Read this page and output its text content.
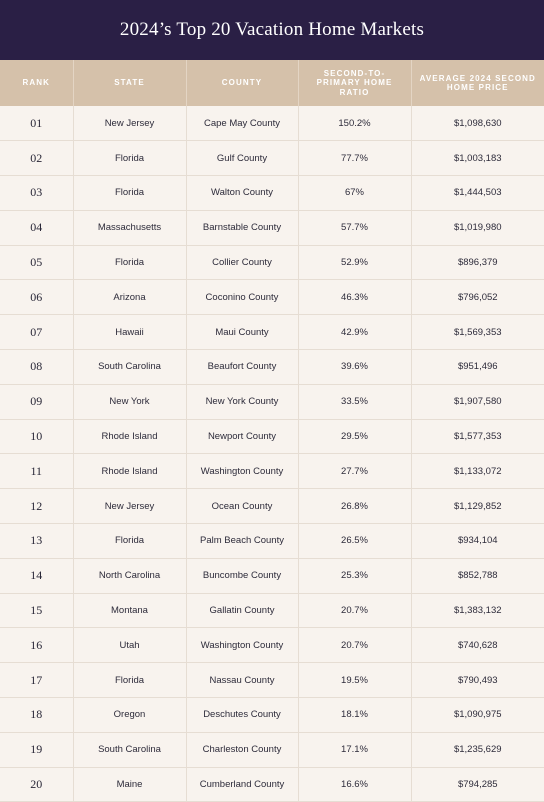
2024’s Top 20 Vacation Home Markets
RANK	STATE	COUNTY	SECOND-TO-PRIMARY HOME RATIO	AVERAGE 2024 SECOND HOME PRICE
01	New Jersey	Cape May County	150.2%	$1,098,630
02	Florida	Gulf County	77.7%	$1,003,183
03	Florida	Walton County	67%	$1,444,503
04	Massachusetts	Barnstable County	57.7%	$1,019,980
05	Florida	Collier County	52.9%	$896,379
06	Arizona	Coconino County	46.3%	$796,052
07	Hawaii	Maui County	42.9%	$1,569,353
08	South Carolina	Beaufort County	39.6%	$951,496
09	New York	New York County	33.5%	$1,907,580
10	Rhode Island	Newport County	29.5%	$1,577,353
11	Rhode Island	Washington County	27.7%	$1,133,072
12	New Jersey	Ocean County	26.8%	$1,129,852
13	Florida	Palm Beach County	26.5%	$934,104
14	North Carolina	Buncombe County	25.3%	$852,788
15	Montana	Gallatin County	20.7%	$1,383,132
16	Utah	Washington County	20.7%	$740,628
17	Florida	Nassau County	19.5%	$790,493
18	Oregon	Deschutes County	18.1%	$1,090,975
19	South Carolina	Charleston County	17.1%	$1,235,629
20	Maine	Cumberland County	16.6%	$794,285
